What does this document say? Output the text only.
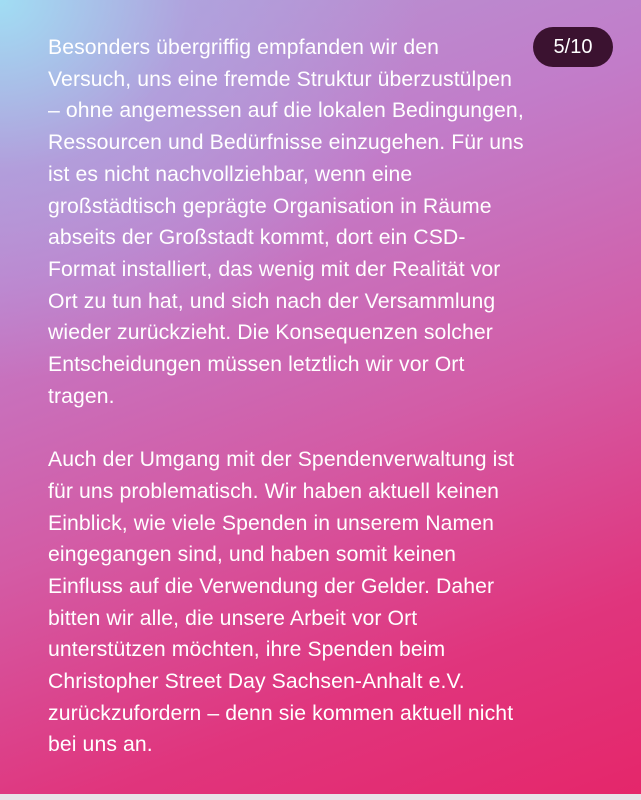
5/10

Besonders übergriffig empfanden wir den
Versuch, uns eine fremde Struktur überzustülpen
– ohne angemessen auf die lokalen Bedingungen,
Ressourcen und Bedürfnisse einzugehen. Für uns
ist es nicht nachvollziehbar, wenn eine
großstädtisch geprägte Organisation in Räume
abseits der Großstadt kommt, dort ein CSD-
Format installiert, das wenig mit der Realität vor
Ort zu tun hat, und sich nach der Versammlung
wieder zurückzieht. Die Konsequenzen solcher
Entscheidungen müssen letztlich wir vor Ort
tragen.

Auch der Umgang mit der Spendenverwaltung ist
für uns problematisch. Wir haben aktuell keinen
Einblick, wie viele Spenden in unserem Namen
eingegangen sind, und haben somit keinen
Einfluss auf die Verwendung der Gelder. Daher
bitten wir alle, die unsere Arbeit vor Ort
unterstützen möchten, ihre Spenden beim
Christopher Street Day Sachsen-Anhalt e.V.
zurückzufordern – denn sie kommen aktuell nicht
bei uns an.
